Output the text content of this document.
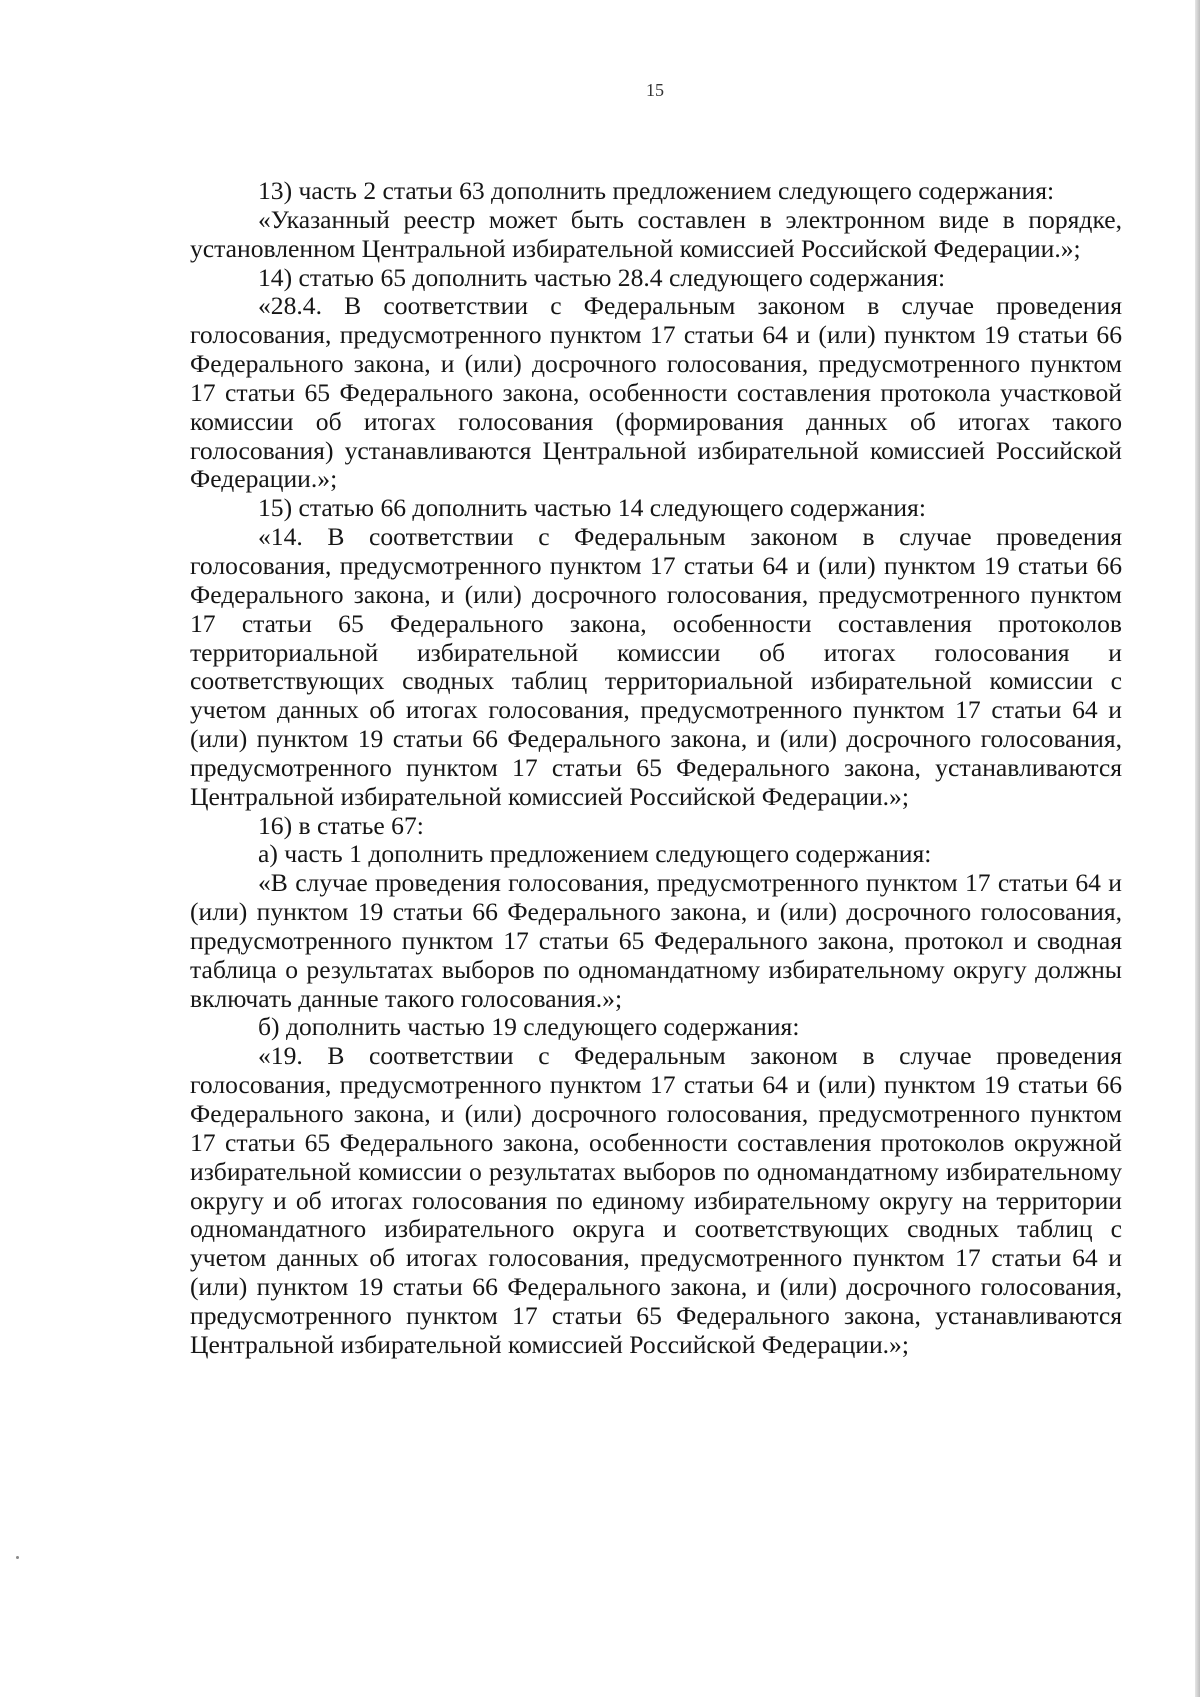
15

13) часть 2 статьи 63 дополнить предложением следующего содержания:

«Указанный реестр может быть составлен в электронном виде в порядке, установленном Центральной избирательной комиссией Российской Федерации.»;

14) статью 65 дополнить частью 28.4 следующего содержания:

«28.4. В соответствии с Федеральным законом в случае проведения голосования, предусмотренного пунктом 17 статьи 64 и (или) пунктом 19 статьи 66 Федерального закона, и (или) досрочного голосования, предусмотренного пунктом 17 статьи 65 Федерального закона, особенности составления протокола участковой комиссии об итогах голосования (формирования данных об итогах такого голосования) устанавливаются Центральной избирательной комиссией Российской Федерации.»;

15) статью 66 дополнить частью 14 следующего содержания:

«14. В соответствии с Федеральным законом в случае проведения голосования, предусмотренного пунктом 17 статьи 64 и (или) пунктом 19 статьи 66 Федерального закона, и (или) досрочного голосования, предусмотренного пунктом 17 статьи 65 Федерального закона, особенности составления протоколов территориальной избирательной комиссии об итогах голосования и соответствующих сводных таблиц территориальной избирательной комиссии с учетом данных об итогах голосования, предусмотренного пунктом 17 статьи 64 и (или) пунктом 19 статьи 66 Федерального закона, и (или) досрочного голосования, предусмотренного пунктом 17 статьи 65 Федерального закона, устанавливаются Центральной избирательной комиссией Российской Федерации.»;

16) в статье 67:

а) часть 1 дополнить предложением следующего содержания:

«В случае проведения голосования, предусмотренного пунктом 17 статьи 64 и (или) пунктом 19 статьи 66 Федерального закона, и (или) досрочного голосования, предусмотренного пунктом 17 статьи 65 Федерального закона, протокол и сводная таблица о результатах выборов по одномандатному избирательному округу должны включать данные такого голосования.»;

б) дополнить частью 19 следующего содержания:

«19. В соответствии с Федеральным законом в случае проведения голосования, предусмотренного пунктом 17 статьи 64 и (или) пунктом 19 статьи 66 Федерального закона, и (или) досрочного голосования, предусмотренного пунктом 17 статьи 65 Федерального закона, особенности составления протоколов окружной избирательной комиссии о результатах выборов по одномандатному избирательному округу и об итогах голосования по единому избирательному округу на территории одномандатного избирательного округа и соответствующих сводных таблиц с учетом данных об итогах голосования, предусмотренного пунктом 17 статьи 64 и (или) пунктом 19 статьи 66 Федерального закона, и (или) досрочного голосования, предусмотренного пунктом 17 статьи 65 Федерального закона, устанавливаются Центральной избирательной комиссией Российской Федерации.»;
